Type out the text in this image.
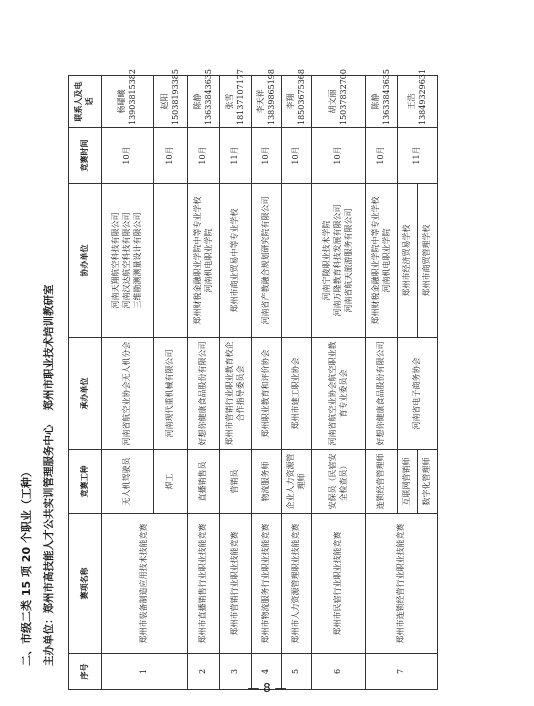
二、市级二类 15 项 20 个职业（工种） 主办单位：郑州市高技能人才公共实训管理服务中心郑州市职业技术培训教研室
序号	赛项名称	竞赛工种	承办单位	协办单位	竞赛时间	联系人及电话
1	郑州市装备制造应用技术技能竞赛	无人机驾驶员	河南省航空业协会无人机分会	河南天翔航空科技有限公司 河南汉达航空科技有限公司 三维勘测测量设计有限公司	10月	杨曜曦 13903815382

		焊工	河南现代重机械有限公司		10月	赵阳 15038193385

2	郑州市直播销售行业职业技能竞赛	直播销售员	好想你健康食品股份有限公司	郑州财税金融职业学院中等专业学校 河南机电职业学院	10月	陈静 13633843635

3	郑州市营销行业职业技能竞赛	营销员	郑州市营销行业职业教育校企合作指导委员会	郑州市商业贸易中等专业学校	11月	张雪 18137107177

4	郑州市物流服务行业职业技能竞赛	物流服务师	郑州职业教育和评价协会	河南省产教融合规划研究院有限公司	10月	李天祥 13839865198

5	郑州市人力资源管理职业技能竞赛	企业人力资源管理师	郑州市建工职业协会		10月	李翔 18503675368

6	郑州市民宿行业职业技能竞赛	安保员（民宿安全检查员）	河南省航空业协会航空职业教育专业委员会	河南宁陵职业技术学院 河南万隆教育科技发展有限公司 河南省航天旅游服务有限公司	10月	胡文丽 15037832700

7	郑州市连锁经营行业职业技能竞赛	连锁经营管理师	好想你健康食品股份有限公司	郑州财税金融职业学院中等专业学校 河南机电职业学院	10月	陈静 13633843635

		互联网营销师	河南省电子商务协会	郑州市经济贸易学校	11月	王浩 13849329631

		数字化管理师		郑州市商贸管理学校		
— 8 —
